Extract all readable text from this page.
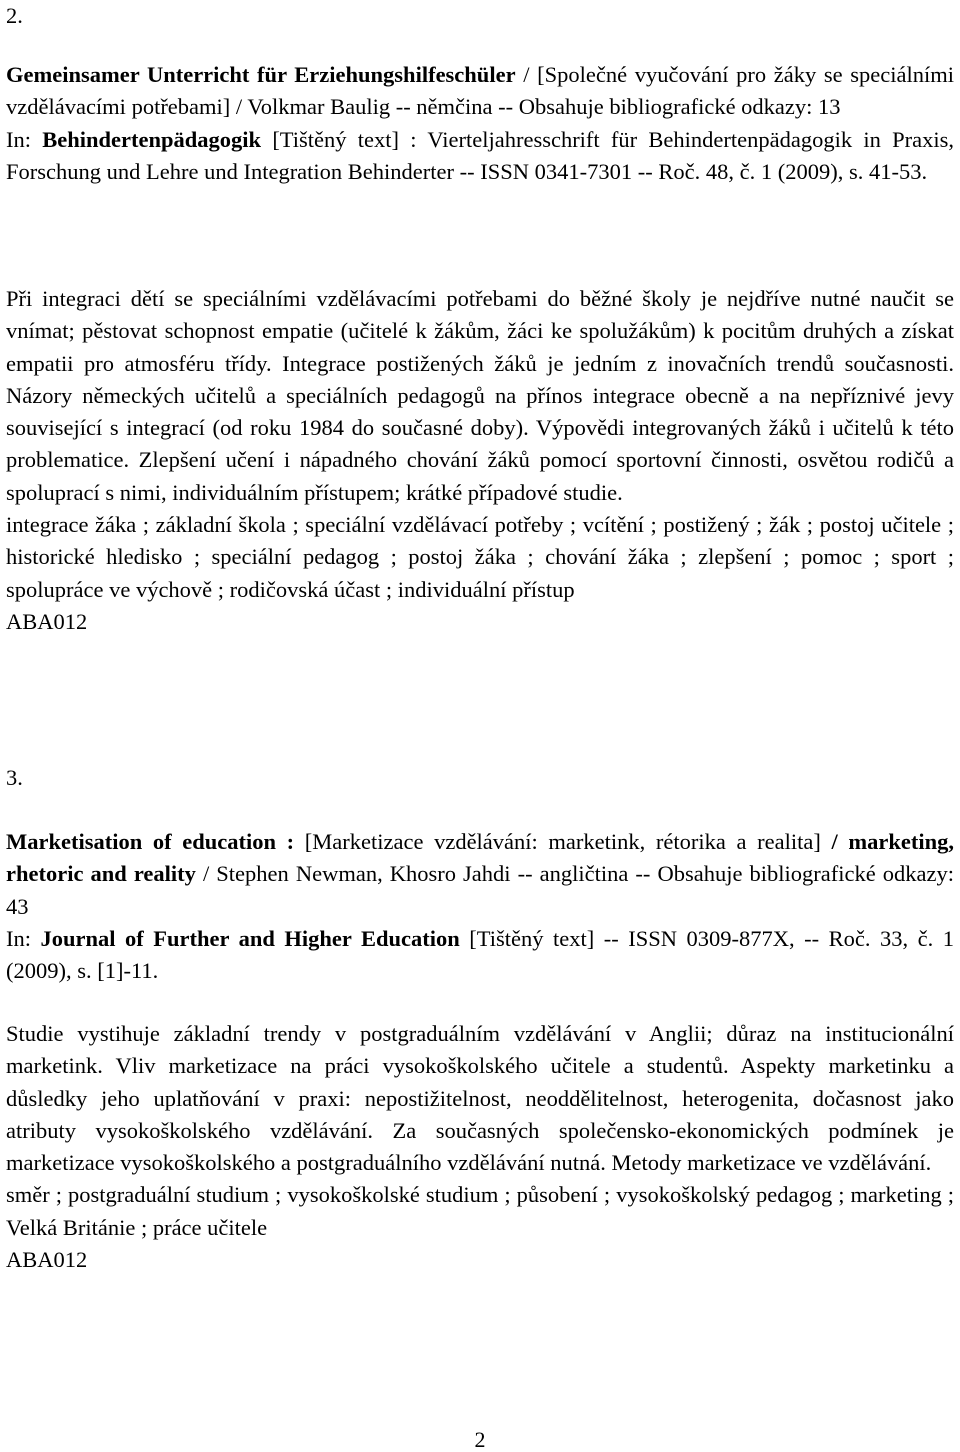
2.

Gemeinsamer Unterricht für Erziehungshilfeschüler / [Společné vyučování pro žáky se speciálními vzdělávacími potřebami] / Volkmar Baulig -- němčina -- Obsahuje bibliografické odkazy: 13

In: Behindertenpädagogik [Tištěný text] : Vierteljahresschrift für Behindertenpädagogik in Praxis, Forschung und Lehre und Integration Behinderter -- ISSN 0341-7301 -- Roč. 48, č. 1 (2009), s. 41-53.

Při integraci dětí se speciálními vzdělávacími potřebami do běžné školy je nejdříve nutné naučit se vnímat; pěstovat schopnost empatie (učitelé k žákům, žáci ke spolužákům) k pocitům druhých a získat empatii pro atmosféru třídy. Integrace postižených žáků je jedním z inovačních trendů současnosti. Názory německých učitelů a speciálních pedagogů na přínos integrace obecně a na nepříznivé jevy související s integrací (od roku 1984 do současné doby). Výpovědi integrovaných žáků i učitelů k této problematice. Zlepšení učení i nápadného chování žáků pomocí sportovní činnosti, osvětou rodičů a spoluprací s nimi, individuálním přístupem; krátké případové studie.

integrace žáka ; základní škola ; speciální vzdělávací potřeby ; vcítění ; postižený ; žák ; postoj učitele ; historické hledisko ; speciální pedagog ; postoj žáka ; chování žáka ; zlepšení ; pomoc ; sport ; spolupráce ve výchově ; rodičovská účast ; individuální přístup

ABA012

3.

Marketisation of education : [Marketizace vzdělávání: marketink, rétorika a realita] / marketing, rhetoric and reality / Stephen Newman, Khosro Jahdi -- angličtina -- Obsahuje bibliografické odkazy: 43

In: Journal of Further and Higher Education [Tištěný text] -- ISSN 0309-877X, -- Roč. 33, č. 1 (2009), s. [1]-11.

Studie vystihuje základní trendy v postgraduálním vzdělávání v Anglii; důraz na institucionální marketink. Vliv marketizace na práci vysokoškolského učitele a studentů. Aspekty marketinku a důsledky jeho uplatňování v praxi: nepostižitelnost, neoddělitelnost, heterogenita, dočasnost jako atributy vysokoškolského vzdělávání. Za současných společensko-ekonomických podmínek je marketizace vysokoškolského a postgraduálního vzdělávání nutná. Metody marketizace ve vzdělávání.

směr ; postgraduální studium ; vysokoškolské studium ; působení ; vysokoškolský pedagog ; marketing ; Velká Británie ; práce učitele

ABA012

2
